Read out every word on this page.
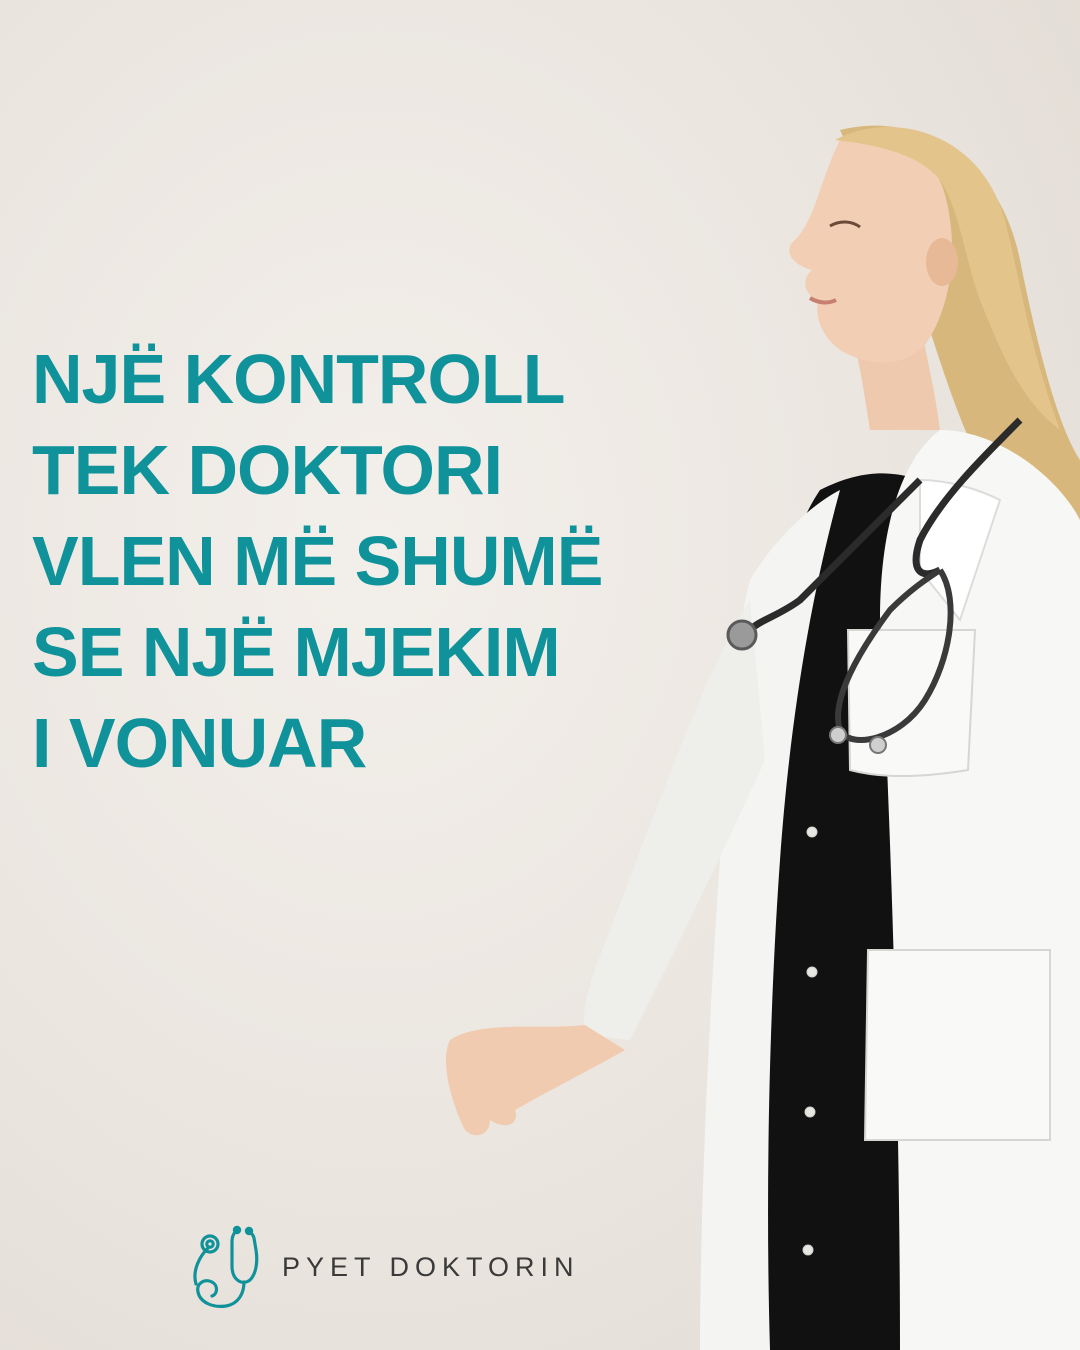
NJË KONTROLL
TEK DOKTORI
VLEN MË SHUMË
SE NJË MJEKIM
I VONUAR
PYET DOKTORIN
